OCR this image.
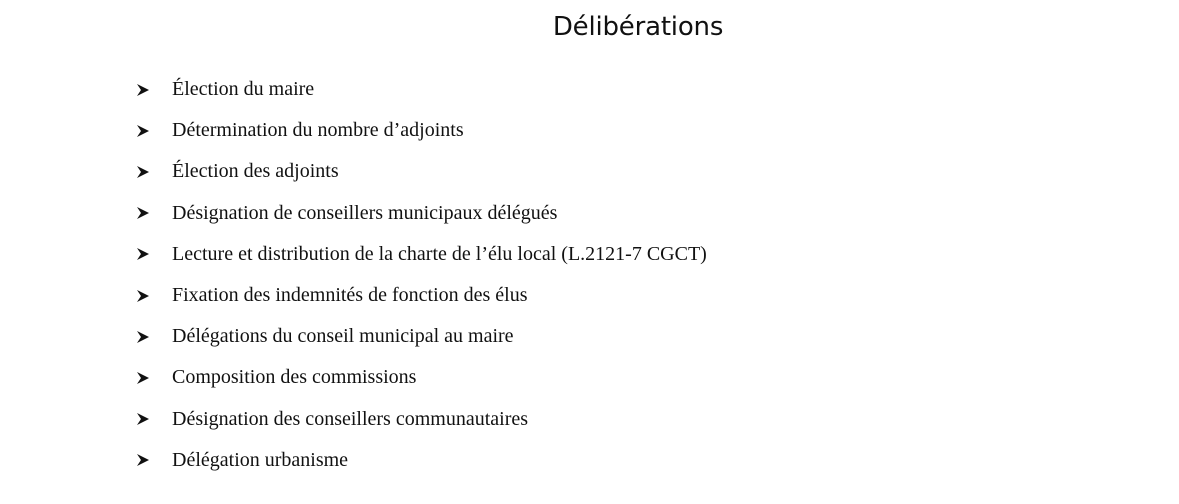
Délibérations
Élection du maire
Détermination du nombre d’adjoints
Élection des adjoints
Désignation de conseillers municipaux délégués
Lecture et distribution de la charte de l’élu local (L.2121-7 CGCT)
Fixation des indemnités de fonction des élus
Délégations du conseil municipal au maire
Composition des commissions
Désignation des conseillers communautaires
Délégation urbanisme
